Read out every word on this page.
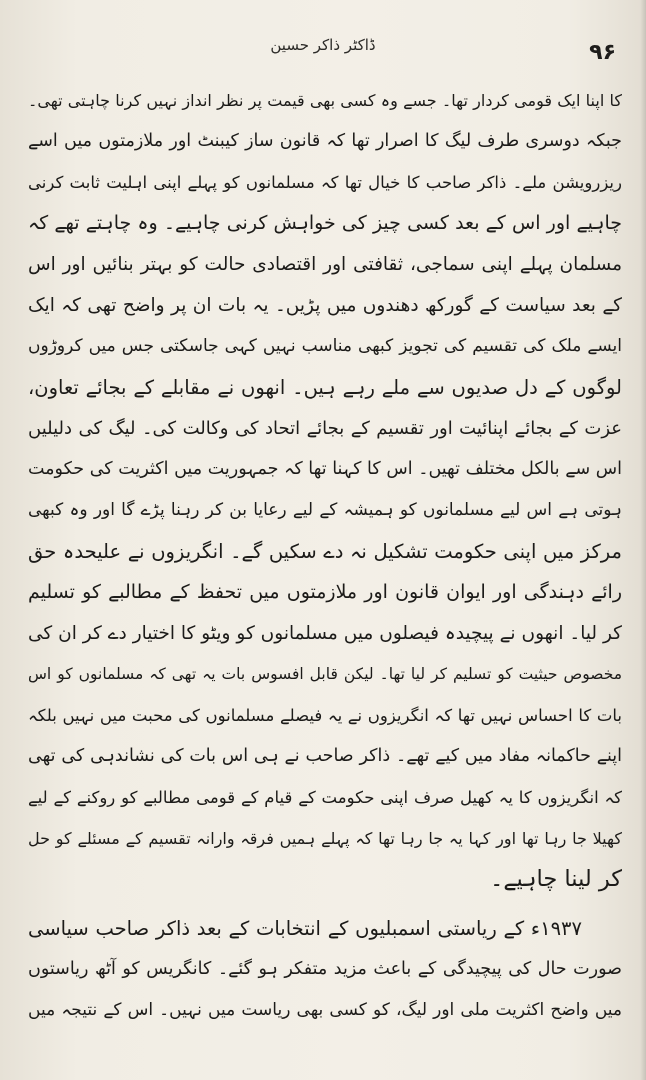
ڈاکٹر ذاکر حسین	۹۶
کا اپنا ایک قومی کردار تھا۔ جسے وہ کسی بھی قیمت پر نظر انداز نہیں کرنا چاہتی تھی۔
جبکہ دوسری طرف لیگ کا اصرار تھا کہ قانون ساز کیبنٹ اور ملازمتوں میں اسے
ریزرویشن ملے۔ ذاکر صاحب کا خیال تھا کہ مسلمانوں کو پہلے اپنی اہلیت ثابت کرنی
چاہیے اور اس کے بعد کسی چیز کی خواہش کرنی چاہیے۔ وہ چاہتے تھے کہ
مسلمان پہلے اپنی سماجی، ثقافتی اور اقتصادی حالت کو بہتر بنائیں اور اس
کے بعد سیاست کے گورکھ دھندوں میں پڑیں۔ یہ بات ان پر واضح تھی کہ ایک
ایسے ملک کی تقسیم کی تجویز کبھی مناسب نہیں کہی جاسکتی جس میں کروڑوں
لوگوں کے دل صدیوں سے ملے رہے ہیں۔ انھوں نے مقابلے کے بجائے تعاون،
عزت کے بجائے اپنائیت اور تقسیم کے بجائے اتحاد کی وکالت کی۔ لیگ کی دلیلیں
اس سے بالکل مختلف تھیں۔ اس کا کہنا تھا کہ جمہوریت میں اکثریت کی حکومت
ہوتی ہے اس لیے مسلمانوں کو ہمیشہ کے لیے رعایا بن کر رہنا پڑے گا اور وہ کبھی
مرکز میں اپنی حکومت تشکیل نہ دے سکیں گے۔ انگریزوں نے علیحدہ حق
رائے دہندگی اور ایوان قانون اور ملازمتوں میں تحفظ کے مطالبے کو تسلیم
کر لیا۔ انھوں نے پیچیدہ فیصلوں میں مسلمانوں کو ویٹو کا اختیار دے کر ان کی
مخصوص حیثیت کو تسلیم کر لیا تھا۔ لیکن قابل افسوس بات یہ تھی کہ مسلمانوں کو اس
بات کا احساس نہیں تھا کہ انگریزوں نے یہ فیصلے مسلمانوں کی محبت میں نہیں بلکہ
اپنے حاکمانہ مفاد میں کیے تھے۔ ذاکر صاحب نے ہی اس بات کی نشاندہی کی تھی
کہ انگریزوں کا یہ کھیل صرف اپنی حکومت کے قیام کے قومی مطالبے کو روکنے کے لیے
کھیلا جا رہا تھا اور کہا یہ جا رہا تھا کہ پہلے ہمیں فرقہ وارانہ تقسیم کے مسئلے کو حل
کر لینا چاہیے۔
۱۹۳۷ء کے ریاستی اسمبلیوں کے انتخابات کے بعد ذاکر صاحب سیاسی
صورت حال کی پیچیدگی کے باعث مزید متفکر ہو گئے۔ کانگریس کو آٹھ ریاستوں
میں واضح اکثریت ملی اور لیگ، کو کسی بھی ریاست میں نہیں۔ اس کے نتیجہ میں
